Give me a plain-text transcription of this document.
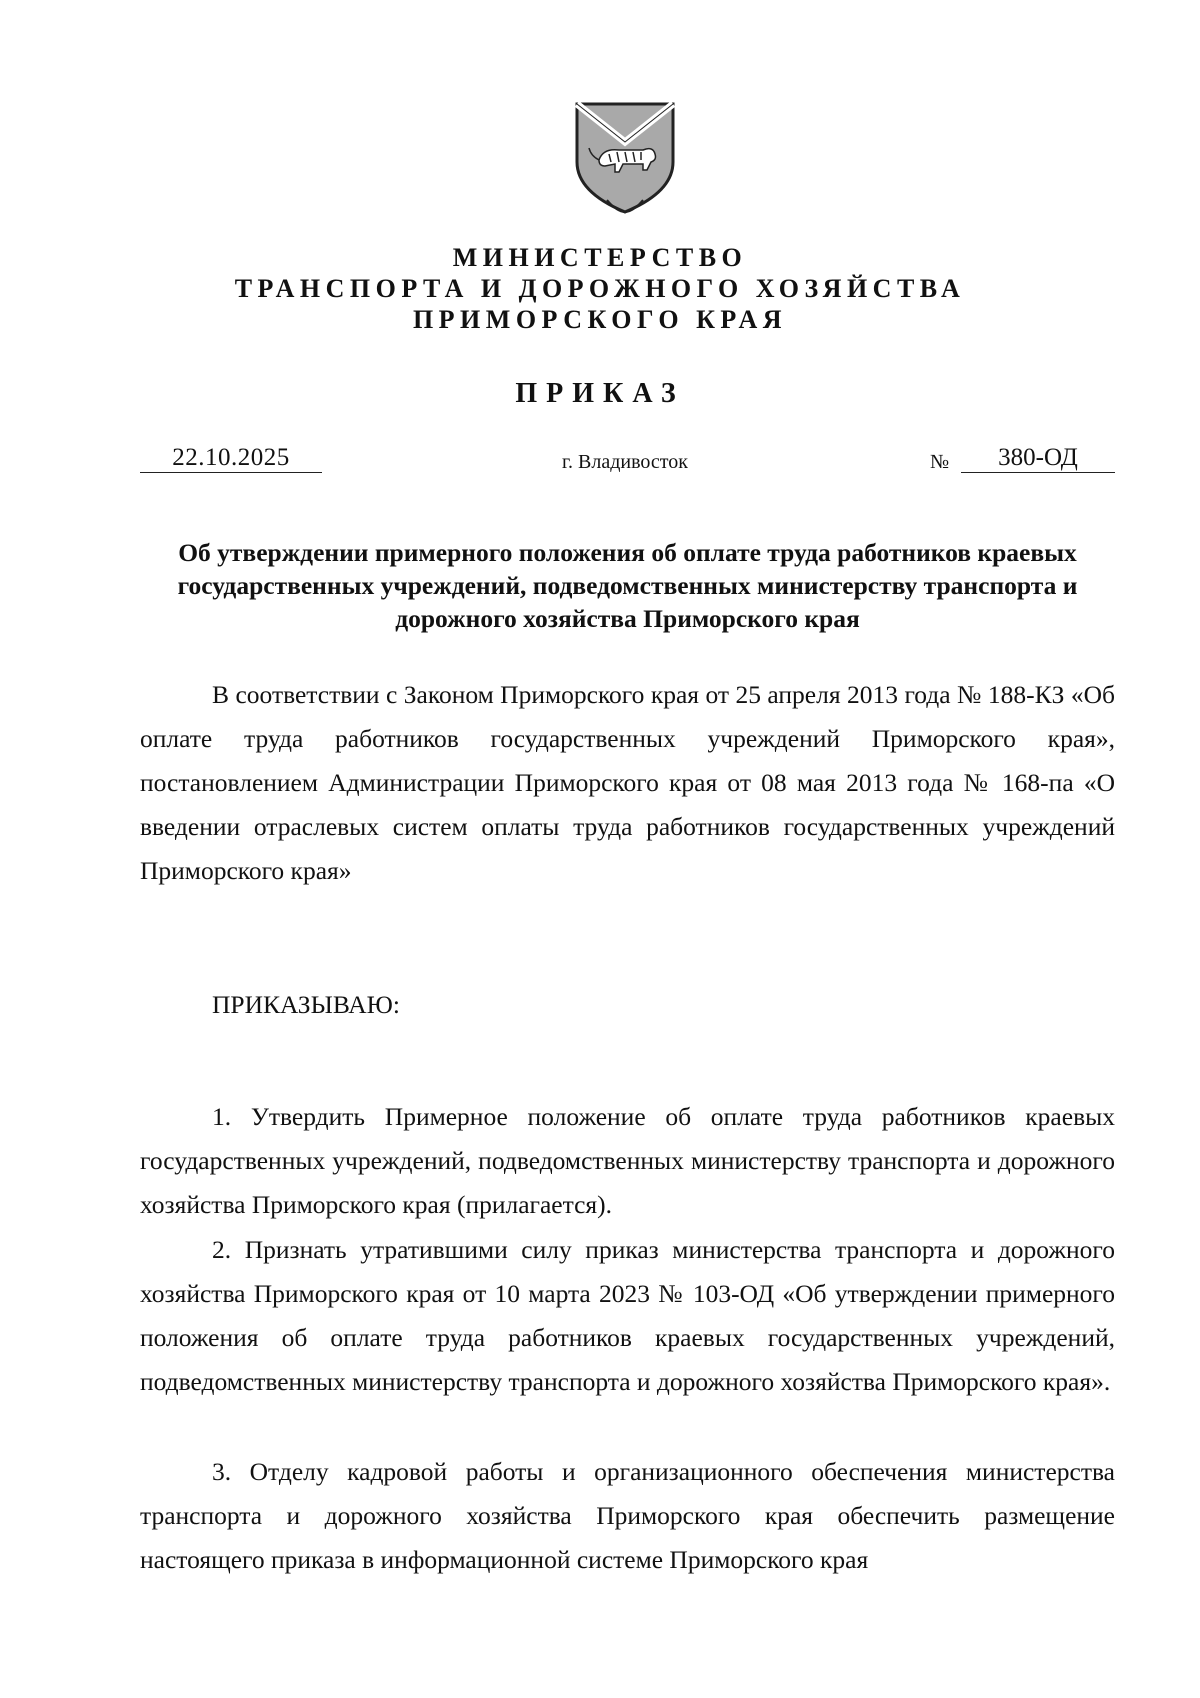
МИНИСТЕРСТВО
ТРАНСПОРТА И ДОРОЖНОГО ХОЗЯЙСТВА
ПРИМОРСКОГО КРАЯ
ПРИКАЗ
22.10.2025	г. Владивосток	№	380-ОД
Об утверждении примерного положения об оплате труда работников краевых государственных учреждений, подведомственных министерству транспорта и дорожного хозяйства Приморского края

В соответствии с Законом Приморского края от 25 апреля 2013 года № 188-КЗ «Об оплате труда работников государственных учреждений Приморского края», постановлением Администрации Приморского края от 08 мая 2013 года № 168-па «О введении отраслевых систем оплаты труда работников государственных учреждений Приморского края»

ПРИКАЗЫВАЮ:

1. Утвердить Примерное положение об оплате труда работников краевых государственных учреждений, подведомственных министерству транспорта и дорожного хозяйства Приморского края (прилагается).

2. Признать утратившими силу приказ министерства транспорта и дорожного хозяйства Приморского края от 10 марта 2023 № 103-ОД «Об утверждении примерного положения об оплате труда работников краевых государственных учреждений, подведомственных министерству транспорта и дорожного хозяйства Приморского края».

3. Отделу кадровой работы и организационного обеспечения министерства транспорта и дорожного хозяйства Приморского края обеспечить размещение настоящего приказа в информационной системе Приморского края
